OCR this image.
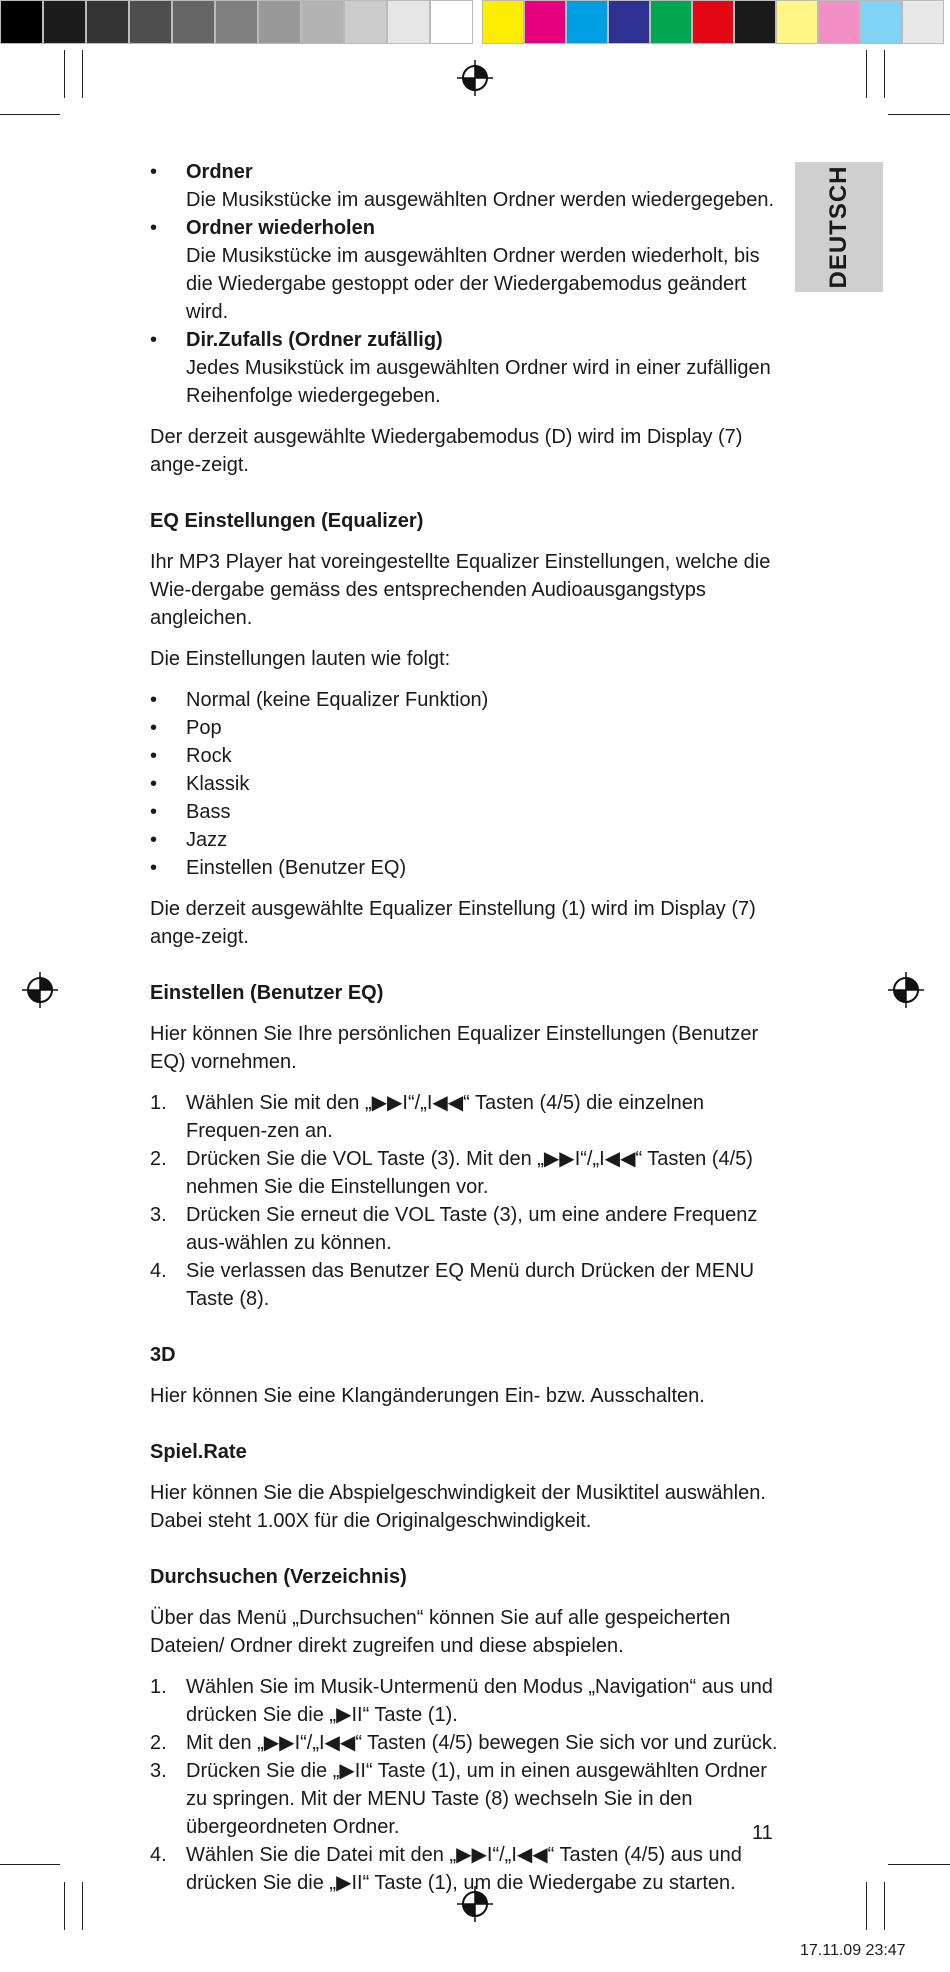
DEUTSCH
• Ordner
Die Musikstücke im ausgewählten Ordner werden wiedergegeben.
• Ordner wiederholen
Die Musikstücke im ausgewählten Ordner werden wiederholt, bis die Wiedergabe gestoppt oder der Wiedergabemodus geändert wird.
• Dir.Zufalls (Ordner zufällig)
Jedes Musikstück im ausgewählten Ordner wird in einer zufälligen Reihenfolge wiedergegeben.

Der derzeit ausgewählte Wiedergabemodus (D) wird im Display (7) ange-zeigt.

EQ Einstellungen (Equalizer)

Ihr MP3 Player hat voreingestellte Equalizer Einstellungen, welche die Wie-dergabe gemäss des entsprechenden Audioausgangstyps angleichen.

Die Einstellungen lauten wie folgt:

• Normal (keine Equalizer Funktion)
• Pop
• Rock
• Klassik
• Bass
• Jazz
• Einstellen (Benutzer EQ)

Die derzeit ausgewählte Equalizer Einstellung (1) wird im Display (7) ange-zeigt.

Einstellen (Benutzer EQ)

Hier können Sie Ihre persönlichen Equalizer Einstellungen (Benutzer EQ) vornehmen.

1. Wählen Sie mit den „▶▶I“/„I◀◀“ Tasten (4/5) die einzelnen Frequen-zen an.
2. Drücken Sie die VOL Taste (3). Mit den „▶▶I“/„I◀◀“ Tasten (4/5) nehmen Sie die Einstellungen vor.
3. Drücken Sie erneut die VOL Taste (3), um eine andere Frequenz aus-wählen zu können.
4. Sie verlassen das Benutzer EQ Menü durch Drücken der MENU Taste (8).
3D

Hier können Sie eine Klangänderungen Ein- bzw. Ausschalten.

Spiel.Rate

Hier können Sie die Abspielgeschwindigkeit der Musiktitel auswählen. Dabei steht 1.00X für die Originalgeschwindigkeit.

Durchsuchen (Verzeichnis)

Über das Menü „Durchsuchen“ können Sie auf alle gespeicherten Dateien/ Ordner direkt zugreifen und diese abspielen.

1. Wählen Sie im Musik-Untermenü den Modus „Navigation“ aus und drücken Sie die „▶II“ Taste (1).
2. Mit den „▶▶I“/„I◀◀“ Tasten (4/5) bewegen Sie sich vor und zurück.
3. Drücken Sie die „▶II“ Taste (1), um in einen ausgewählten Ordner zu springen. Mit der MENU Taste (8) wechseln Sie in den übergeordneten Ordner.
4. Wählen Sie die Datei mit den „▶▶I“/„I◀◀“ Tasten (4/5) aus und drücken Sie die „▶II“ Taste (1), um die Wiedergabe zu starten.
11
17.11.09 23:47
